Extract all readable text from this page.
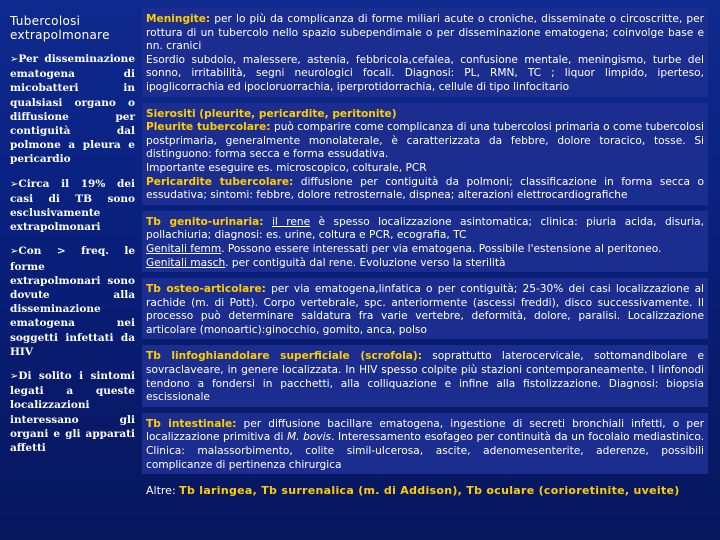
Tubercolosi extrapolmonare
➢Per disseminazione ematogena di micobatteri in qualsiasi organo o diffusione per contiguità dal polmone a pleura e pericardio
➢Circa il 19% dei casi di TB sono esclusivamente extrapolmonari
➢Con > freq. le forme extrapolmonari sono dovute alla disseminazione ematogena nei soggetti infettati da HIV
➢Di solito i sintomi legati a queste localizzazioni interessano gli organi e gli apparati affetti

Meningite: per lo più da complicanza di forme miliari acute o croniche, disseminate o circoscritte, per rottura di un tubercolo nello spazio subependimale o per disseminazione ematogena; coinvolge base e nn. cranici

Esordio subdolo, malessere, astenia, febbricola,cefalea, confusione mentale, meningismo, turbe del sonno, irritabilità, segni neurologici focali. Diagnosi: PL, RMN, TC ; liquor limpido, iperteso, ipoglicorrachia ed ipocloruorrachia, iperprotidorrachia, cellule di tipo linfocitario

Sierositi (pleurite, pericardite, peritonite)

Pleurite tubercolare: può comparire come complicanza di una tubercolosi primaria o come tubercolosi postprimaria, generalmente monolaterale, è caratterizzata da febbre, dolore toracico, tosse. Si distinguono: forma secca e forma essudativa.

Importante eseguire es. microscopico, colturale, PCR

Pericardite tubercolare: diffusione per contiguità da polmoni; classificazione in forma secca o essudativa; sintomi: febbre, dolore retrosternale, dispnea; alterazioni elettrocardiografiche

Tb genito-urinaria: il rene è spesso localizzazione asintomatica; clinica: piuria acida, disuria, pollachiuria; diagnosi: es. urine, coltura e PCR, ecografia, TC

Genitali femm. Possono essere interessati per via ematogena. Possibile l'estensione al peritoneo.

Genitali masch. per contiguità dal rene. Evoluzione verso la sterilità

Tb osteo-articolare: per via ematogena,linfatica o per contiguità; 25-30% dei casi localizzazione al rachide (m. di Pott). Corpo vertebrale, spc. anteriormente (ascessi freddi), disco successivamente. Il processo può determinare saldatura fra varie vertebre, deformità, dolore, paralisi. Localizzazione articolare (monoartic):ginocchio, gomito, anca, polso

Tb linfoghiandolare superficiale (scrofola): soprattutto laterocervicale, sottomandibolare e sovraclaveare, in genere localizzata. In HIV spesso colpite più stazioni contemporaneamente. I linfonodi tendono a fondersi in pacchetti, alla colliquazione e infine alla fistolizzazione. Diagnosi: biopsia escissionale

Tb intestinale: per diffusione bacillare ematogena, ingestione di secreti bronchiali infetti, o per localizzazione primitiva di M. bovis. Interessamento esofageo per continuità da un focolaio mediastinico. Clinica: malassorbimento, colite simil-ulcerosa, ascite, adenomesenterite, aderenze, possibili complicanze di pertinenza chirurgica

Altre: Tb laringea, Tb surrenalica (m. di Addison), Tb oculare (corioretinite, uveite)
